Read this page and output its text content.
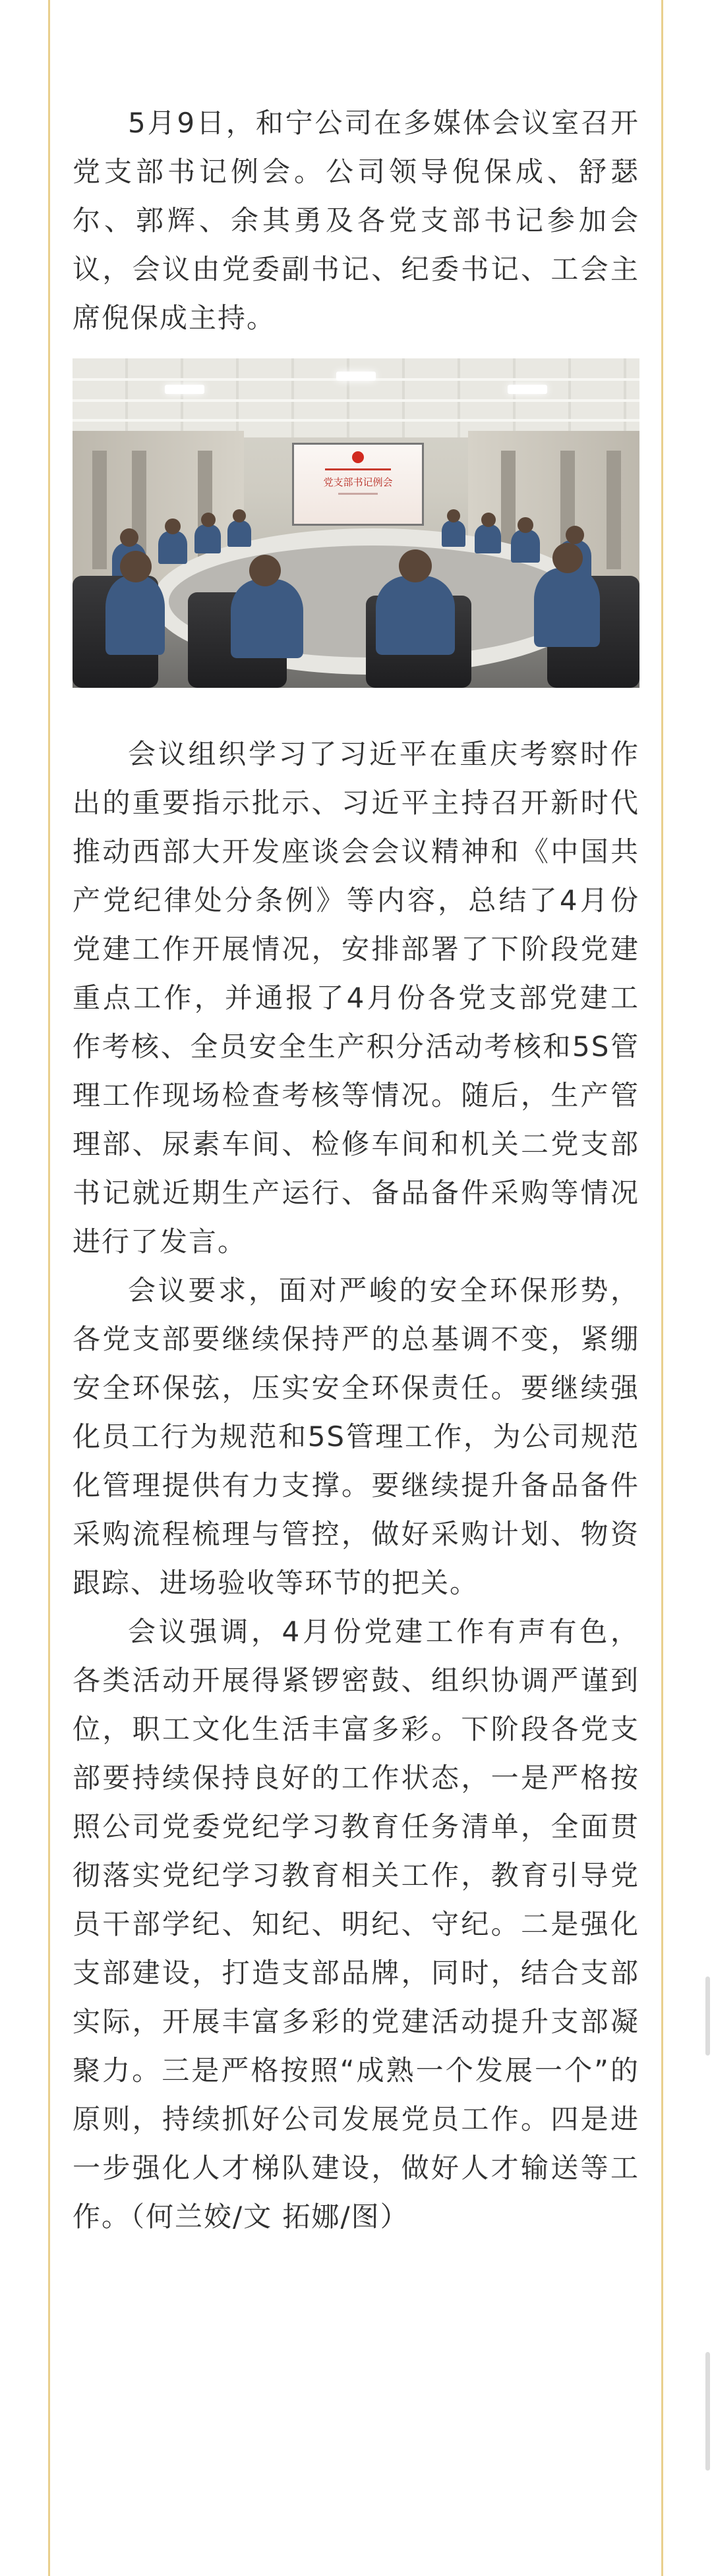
5月9日，和宁公司在多媒体会议室召开党支部书记例会。公司领导倪保成、舒瑟尔、郭辉、余其勇及各党支部书记参加会议，会议由党委副书记、纪委书记、工会主席倪保成主持。

党支部书记例会

会议组织学习了习近平在重庆考察时作出的重要指示批示、习近平主持召开新时代推动西部大开发座谈会会议精神和《中国共产党纪律处分条例》等内容，总结了4月份党建工作开展情况，安排部署了下阶段党建重点工作，并通报了4月份各党支部党建工作考核、全员安全生产积分活动考核和5S管理工作现场检查考核等情况。随后，生产管理部、尿素车间、检修车间和机关二党支部书记就近期生产运行、备品备件采购等情况进行了发言。

会议要求，面对严峻的安全环保形势，各党支部要继续保持严的总基调不变，紧绷安全环保弦，压实安全环保责任。要继续强化员工行为规范和5S管理工作，为公司规范化管理提供有力支撑。要继续提升备品备件采购流程梳理与管控，做好采购计划、物资跟踪、进场验收等环节的把关。

会议强调，4月份党建工作有声有色，各类活动开展得紧锣密鼓、组织协调严谨到位，职工文化生活丰富多彩。下阶段各党支部要持续保持良好的工作状态，一是严格按照公司党委党纪学习教育任务清单，全面贯彻落实党纪学习教育相关工作，教育引导党员干部学纪、知纪、明纪、守纪。二是强化支部建设，打造支部品牌，同时，结合支部实际，开展丰富多彩的党建活动提升支部凝聚力。三是严格按照“成熟一个发展一个”的原则，持续抓好公司发展党员工作。四是进一步强化人才梯队建设，做好人才输送等工作。（何兰姣/文 拓娜/图）
